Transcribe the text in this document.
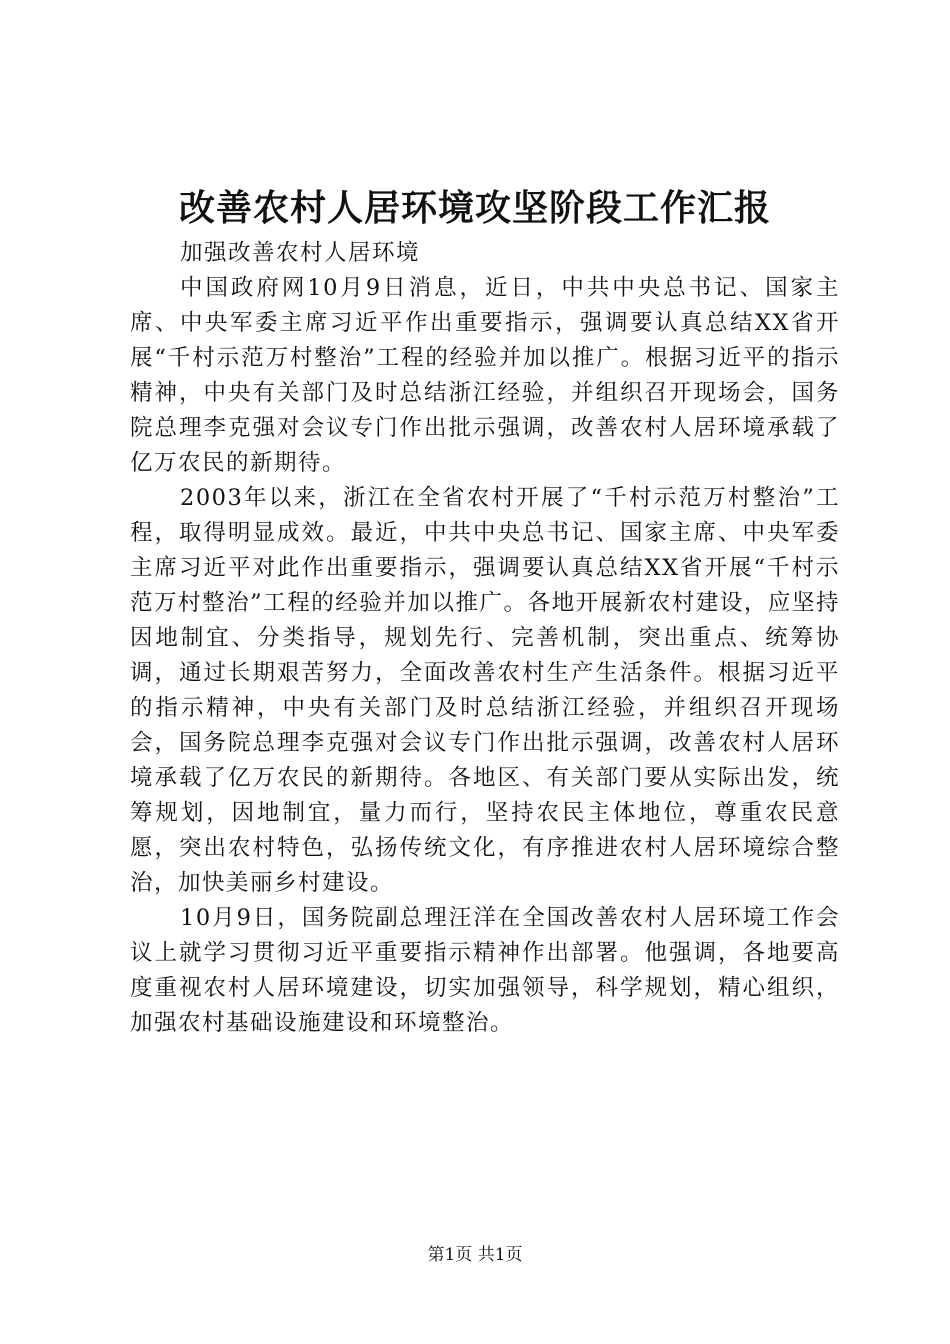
改善农村人居环境攻坚阶段工作汇报
加强改善农村人居环境

中国政府网10月9日消息，近日，中共中央总书记、国家主席、中央军委主席习近平作出重要指示，强调要认真总结XX省开展“千村示范万村整治”工程的经验并加以推广。根据习近平的指示精神，中央有关部门及时总结浙江经验，并组织召开现场会，国务院总理李克强对会议专门作出批示强调，改善农村人居环境承载了亿万农民的新期待。

2003年以来，浙江在全省农村开展了“千村示范万村整治”工程，取得明显成效。最近，中共中央总书记、国家主席、中央军委主席习近平对此作出重要指示，强调要认真总结XX省开展“千村示范万村整治”工程的经验并加以推广。各地开展新农村建设，应坚持因地制宜、分类指导，规划先行、完善机制，突出重点、统筹协调，通过长期艰苦努力，全面改善农村生产生活条件。根据习近平的指示精神，中央有关部门及时总结浙江经验，并组织召开现场会，国务院总理李克强对会议专门作出批示强调，改善农村人居环境承载了亿万农民的新期待。各地区、有关部门要从实际出发，统筹规划，因地制宜，量力而行，坚持农民主体地位，尊重农民意愿，突出农村特色，弘扬传统文化，有序推进农村人居环境综合整治，加快美丽乡村建设。

10月9日，国务院副总理汪洋在全国改善农村人居环境工作会议上就学习贯彻习近平重要指示精神作出部署。他强调，各地要高度重视农村人居环境建设，切实加强领导，科学规划，精心组织，加强农村基础设施建设和环境整治。

第1页 共1页
